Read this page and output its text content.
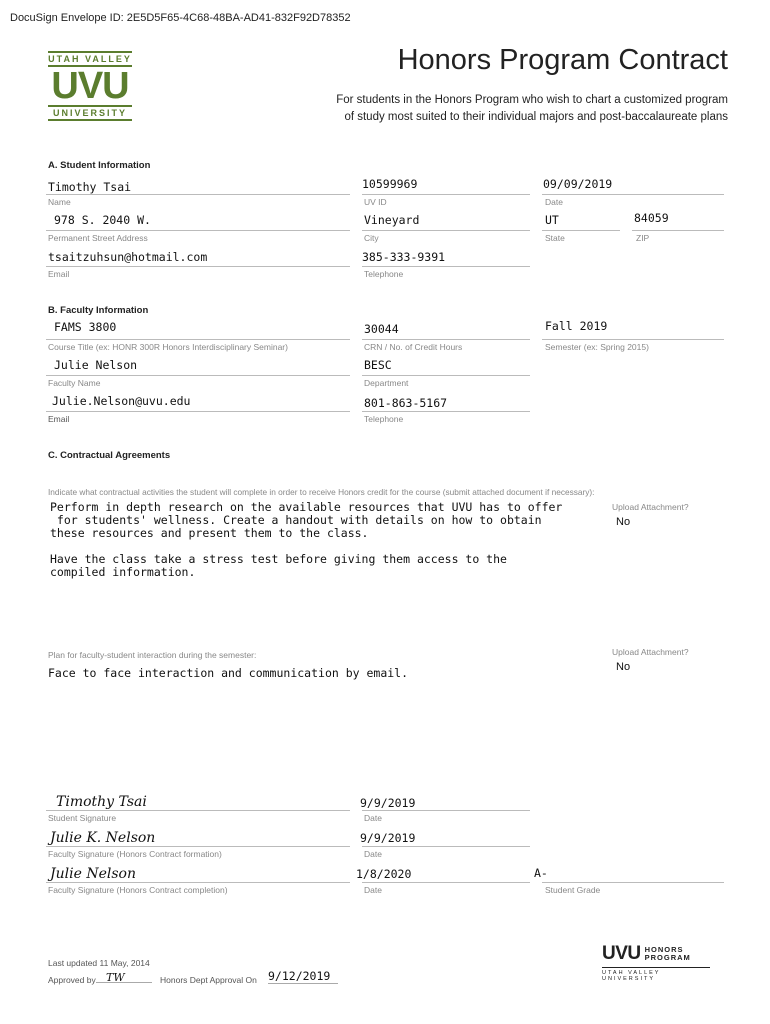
DocuSign Envelope ID: 2E5D5F65-4C68-48BA-AD41-832F92D78352
UTAH VALLEY
UVU
UNIVERSITY
Honors Program Contract
For students in the Honors Program who wish to chart a customized program
of study most suited to their individual majors and post-baccalaureate plans
A. Student Information
Timothy Tsai
Name
10599969
UV ID
09/09/2019
Date
978 S. 2040 W.
Permanent Street Address
Vineyard
City
UT
State
84059
ZIP
tsaitzuhsun@hotmail.com
Email
385-333-9391
Telephone
B. Faculty Information
FAMS 3800
Course Title (ex: HONR 300R Honors Interdisciplinary Seminar)
30044
CRN / No. of Credit Hours
Fall 2019
Semester (ex: Spring 2015)
Julie Nelson
Faculty Name
BESC
Department
Julie.Nelson@uvu.edu
Email
801-863-5167
Telephone
C. Contractual Agreements
Indicate what contractual activities the student will complete in order to receive Honors credit for the course (submit attached document if necessary):
Perform in depth research on the available resources that UVU has to offer
for students' wellness. Create a handout with details on how to obtain
these resources and present them to the class.

Have the class take a stress test before giving them access to the
compiled information.
Upload Attachment?
No
Plan for faculty-student interaction during the semester:
Face to face interaction and communication by email.
Upload Attachment?
No
Timothy Tsai
Student Signature
9/9/2019
Date
Julie K. Nelson
Faculty Signature (Honors Contract formation)
9/9/2019
Date
Julie Nelson
Faculty Signature (Honors Contract completion)
1/8/2020
Date
A-
Student Grade
Last updated 11 May, 2014
Approved by TW	Honors Dept Approval On 9/12/2019
UVU HONORS
PROGRAM
UTAH VALLEY UNIVERSITY
